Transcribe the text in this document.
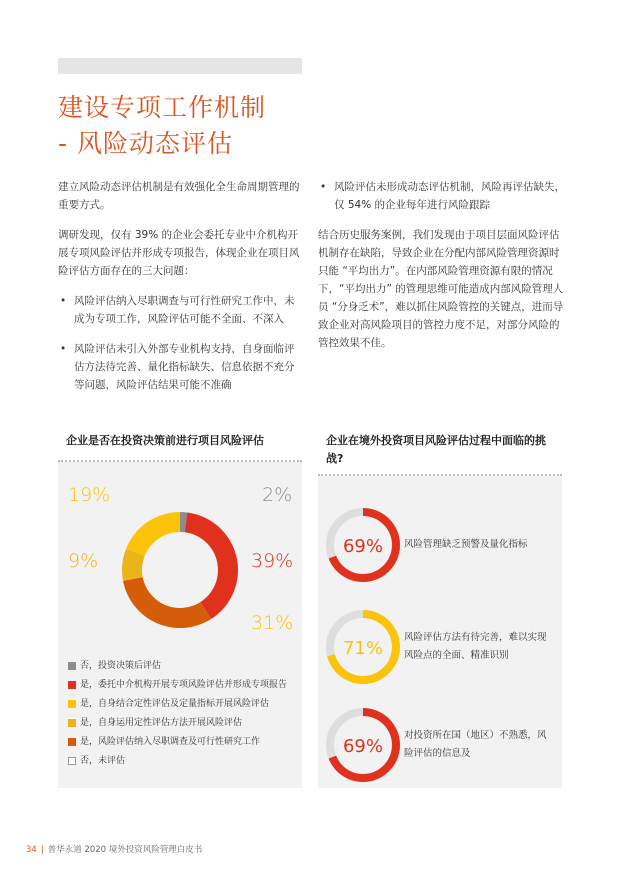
建设专项工作机制
- 风险动态评估

建立风险动态评估机制是有效强化全生命周期管理的重要方式。

调研发现，仅有 39% 的企业会委托专业中介机构开展专项风险评估并形成专项报告，体现企业在项目风险评估方面存在的三大问题：

• 风险评估纳入尽职调查与可行性研究工作中，未成为专项工作，风险评估可能不全面、不深入
• 风险评估未引入外部专业机构支持，自身面临评估方法待完善、量化指标缺失、信息依据不充分等问题，风险评估结果可能不准确
• 风险评估未形成动态评估机制，风险再评估缺失，仅 54% 的企业每年进行风险跟踪

结合历史服务案例，我们发现由于项目层面风险评估机制存在缺陷，导致企业在分配内部风险管理资源时只能 “平均出力”。在内部风险管理资源有限的情况下，“平均出力” 的管理思维可能造成内部风险管理人员 “分身乏术”，难以抓住风险管控的关键点，进而导致企业对高风险项目的管控力度不足，对部分风险的管控效果不佳。

企业是否在投资决策前进行项目风险评估
19%	2%
9%	39%
31%
否，投资决策后评估
是，委托中介机构开展专项风险评估并形成专项报告
是，自身结合定性评估及定量指标开展风险评估
是，自身运用定性评估方法开展风险评估
是，风险评估纳入尽职调查及可行性研究工作
否，未评估
企业在境外投资项目风险评估过程中面临的挑战?
69% 风险管理缺乏预警及量化指标
71%
风险评估方法有待完善，难以实现风险点的全面、精准识别
69%
对投资所在国（地区）不熟悉，风险评估的信息及
34 | 普华永道 2020 境外投资风险管理白皮书
